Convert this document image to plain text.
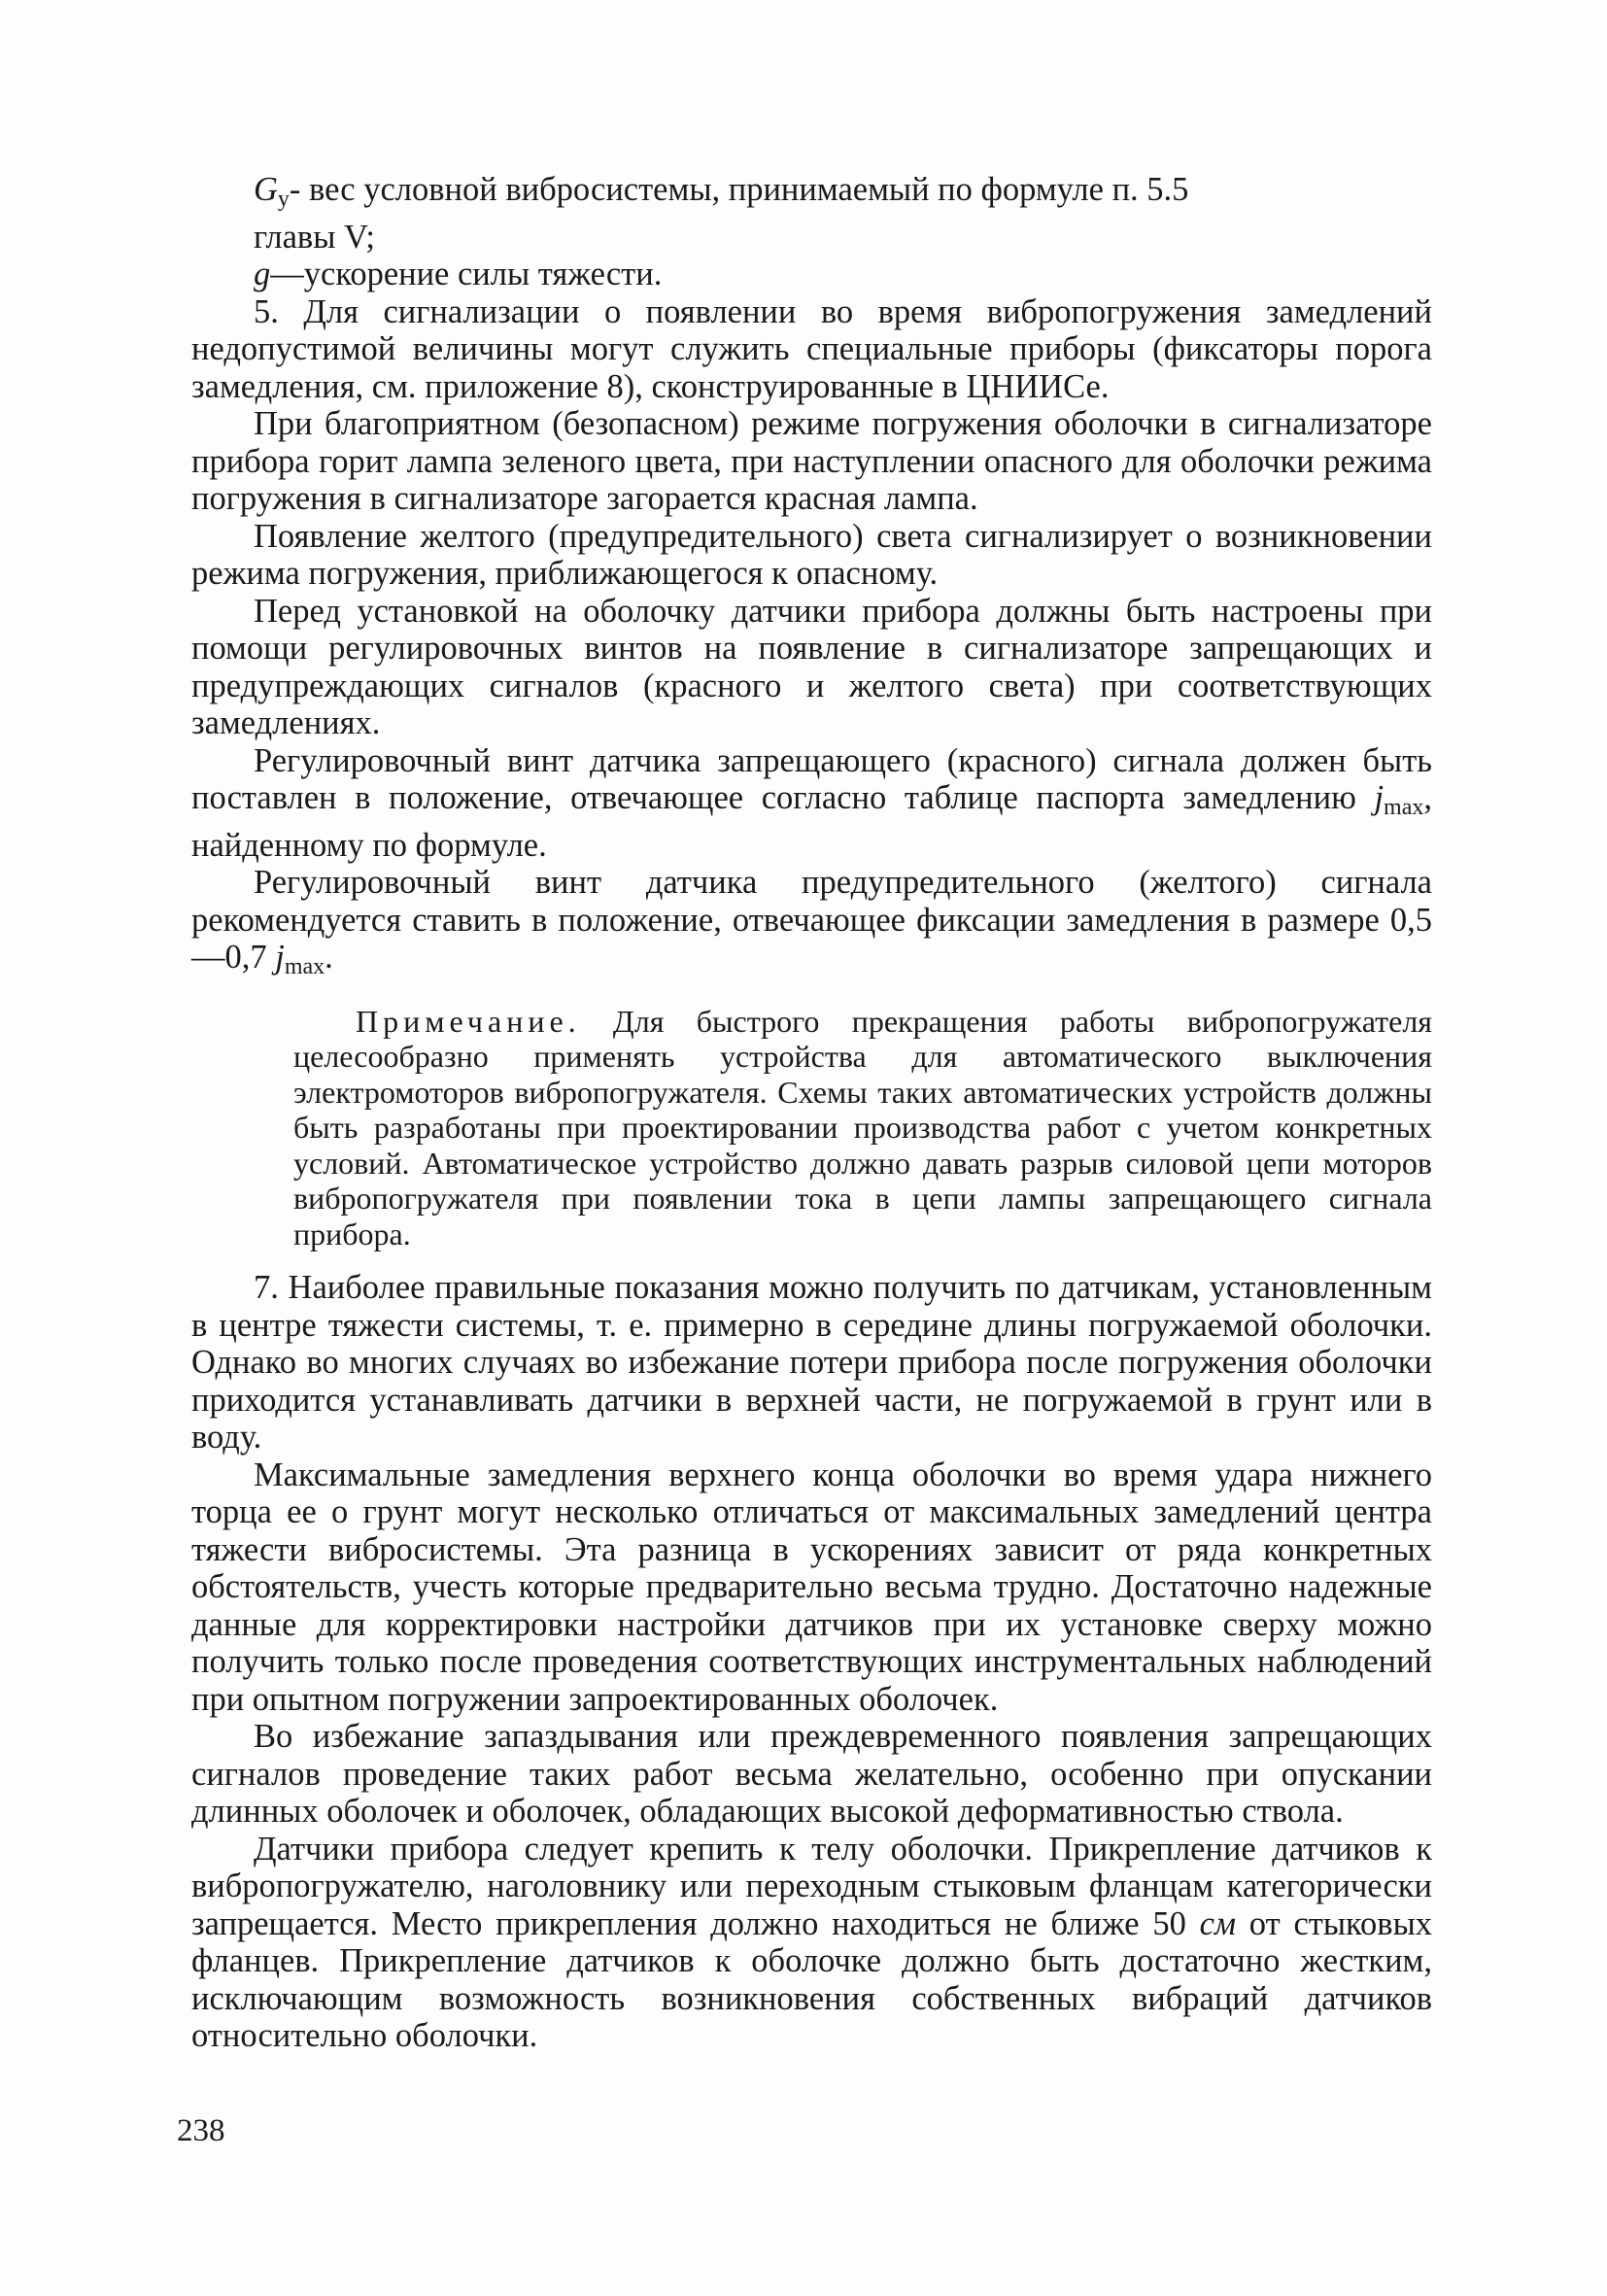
$G_у-$ вес условной вибросистемы, принимаемый по формуле п. 5.5

главы V;

g—ускорение силы тяжести.

5. Для сигнализации о появлении во время вибропогружения замедлений недопустимой величины могут служить специальные приборы (фиксаторы порога замедления, см. приложение 8), сконструированные в ЦНИИСе.

При благоприятном (безопасном) режиме погружения оболочки в сигнализаторе прибора горит лампа зеленого цвета, при наступлении опасного для оболочки режима погружения в сигнализаторе загорается красная лампа.

Появление желтого (предупредительного) света сигнализирует о возникновении режима погружения, приближающегося к опасному.

Перед установкой на оболочку датчики прибора должны быть настроены при помощи регулировочных винтов на появление в сигнализаторе запрещающих и предупреждающих сигналов (красного и желтого света) при соответствующих замедлениях.

Регулировочный винт датчика запрещающего (красного) сигнала должен быть поставлен в положение, отвечающее согласно таблице паспорта замедлению $j_{max}$, найденному по формуле.

Регулировочный винт датчика предупредительного (желтого) сигнала рекомендуется ставить в положение, отвечающее фиксации замедления в размере 0,5—0,7 $j_{max}$.

Примечание. Для быстрого прекращения работы вибропогружателя целесообразно применять устройства для автоматического выключения электромоторов вибропогружателя. Схемы таких автоматических устройств должны быть разработаны при проектировании производства работ с учетом конкретных условий. Автоматическое устройство должно давать разрыв силовой цепи моторов вибропогружателя при появлении тока в цепи лампы запрещающего сигнала прибора.

7. Наиболее правильные показания можно получить по датчикам, установленным в центре тяжести системы, т. е. примерно в середине длины погружаемой оболочки. Однако во многих случаях во избежание потери прибора после погружения оболочки приходится устанавливать датчики в верхней части, не погружаемой в грунт или в воду.

Максимальные замедления верхнего конца оболочки во время удара нижнего торца ее о грунт могут несколько отличаться от максимальных замедлений центра тяжести вибросистемы. Эта разница в ускорениях зависит от ряда конкретных обстоятельств, учесть которые предварительно весьма трудно. Достаточно надежные данные для корректировки настройки датчиков при их установке сверху можно получить только после проведения соответствующих инструментальных наблюдений при опытном погружении запроектированных оболочек.

Во избежание запаздывания или преждевременного появления запрещающих сигналов проведение таких работ весьма желательно, особенно при опускании длинных оболочек и оболочек, обладающих высокой деформативностью ствола.

Датчики прибора следует крепить к телу оболочки. Прикрепление датчиков к вибропогружателю, наголовнику или переходным стыковым фланцам категорически запрещается. Место прикрепления должно находиться не ближе 50 см от стыковых фланцев. Прикрепление датчиков к оболочке должно быть достаточно жестким, исключающим возможность возникновения собственных вибраций датчиков относительно оболочки.

238
